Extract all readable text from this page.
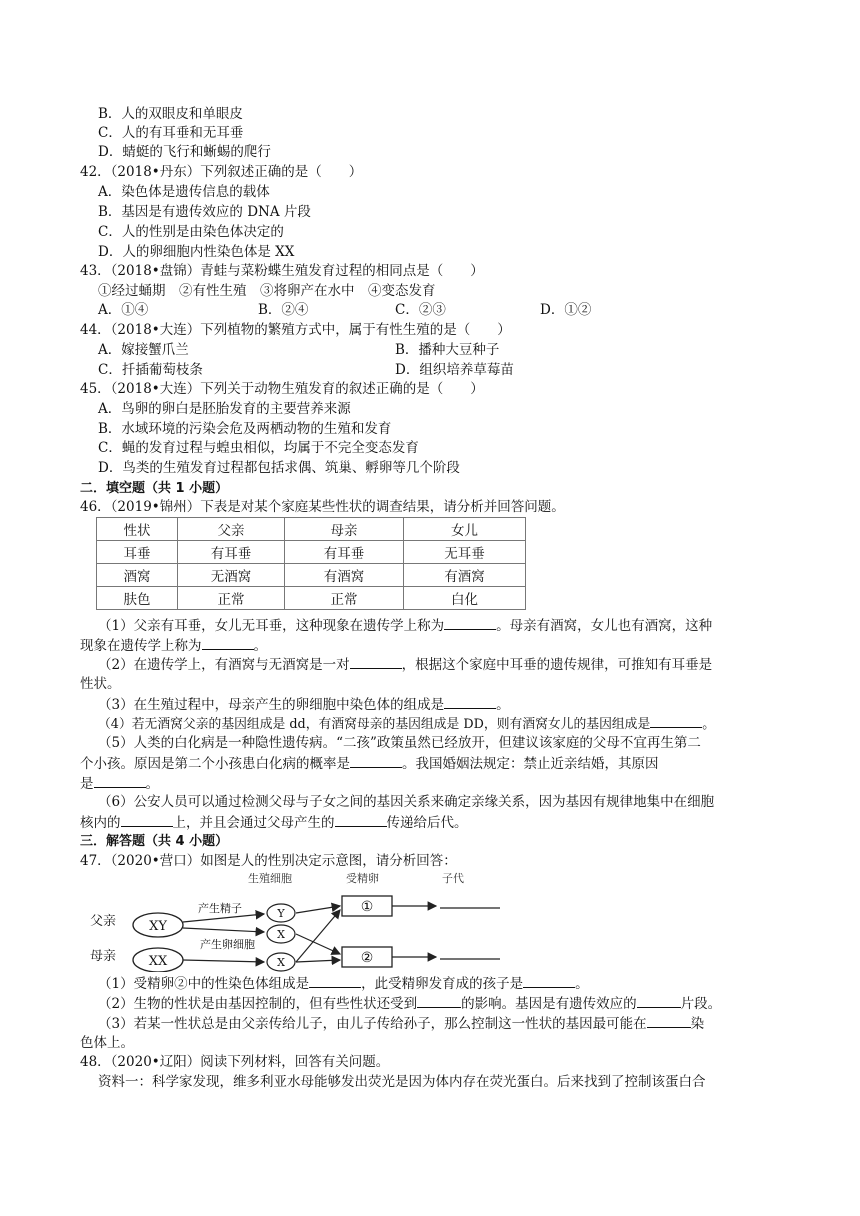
B．人的双眼皮和单眼皮
C．人的有耳垂和无耳垂
D．蜻蜓的飞行和蜥蜴的爬行
42．（2018•丹东）下列叙述正确的是（　　）
A．染色体是遗传信息的载体
B．基因是有遗传效应的 DNA 片段
C．人的性别是由染色体决定的
D．人的卵细胞内性染色体是 XX
43．（2018•盘锦）青蛙与菜粉蝶生殖发育过程的相同点是（　　）
①经过蛹期　②有性生殖　③将卵产在水中　④变态发育
A．①④	B．②④	C．②③	D．①②
44．（2018•大连）下列植物的繁殖方式中，属于有性生殖的是（　　）
A．嫁接蟹爪兰	B．播种大豆种子
C．扦插葡萄枝条	D．组织培养草莓苗
45．（2018•大连）下列关于动物生殖发育的叙述正确的是（　　）
A．鸟卵的卵白是胚胎发育的主要营养来源
B．水域环境的污染会危及两栖动物的生殖和发育
C．蝇的发育过程与蝗虫相似，均属于不完全变态发育
D．鸟类的生殖发育过程都包括求偶、筑巢、孵卵等几个阶段
二．填空题（共 1 小题）
46．（2019•锦州）下表是对某个家庭某些性状的调查结果，请分析并回答问题。
性状	父亲	母亲	女儿
耳垂	有耳垂	有耳垂	无耳垂
酒窝	无酒窝	有酒窝	有酒窝
肤色	正常	正常	白化
（1）父亲有耳垂，女儿无耳垂，这种现象在遗传学上称为	。母亲有酒窝，女儿也有酒窝，这种
现象在遗传学上称为	。
（2）在遗传学上，有酒窝与无酒窝是一对	，根据这个家庭中耳垂的遗传规律，可推知有耳垂是
性状。
（3）在生殖过程中，母亲产生的卵细胞中染色体的组成是	。
（4）若无酒窝父亲的基因组成是 dd，有酒窝母亲的基因组成是 DD，则有酒窝女儿的基因组成是	。
（5）人类的白化病是一种隐性遗传病。“二孩”政策虽然已经放开，但建议该家庭的父母不宜再生第二
个小孩。原因是第二个小孩患白化病的概率是	。我国婚姻法规定：禁止近亲结婚，其原因
是	。
（6）公安人员可以通过检测父母与子女之间的基因关系来确定亲缘关系，因为基因有规律地集中在细胞
核内的	上，并且会通过父母产生的	传递给后代。
三．解答题（共 4 小题）
47．（2020•营口）如图是人的性别决定示意图，请分析回答：
生殖细胞	受精卵	子代
父亲
母亲
XY
XX
产生精子
产生卵细胞
Y
X
X
①
②
（1）受精卵②中的性染色体组成是	，此受精卵发育成的孩子是	。
（2）生物的性状是由基因控制的，但有些性状还受到	的影响。基因是有遗传效应的	片段。
（3）若某一性状总是由父亲传给儿子，由儿子传给孙子，那么控制这一性状的基因最可能在	染
色体上。
48．（2020•辽阳）阅读下列材料，回答有关问题。
资料一：科学家发现，维多利亚水母能够发出荧光是因为体内存在荧光蛋白。后来找到了控制该蛋白合
